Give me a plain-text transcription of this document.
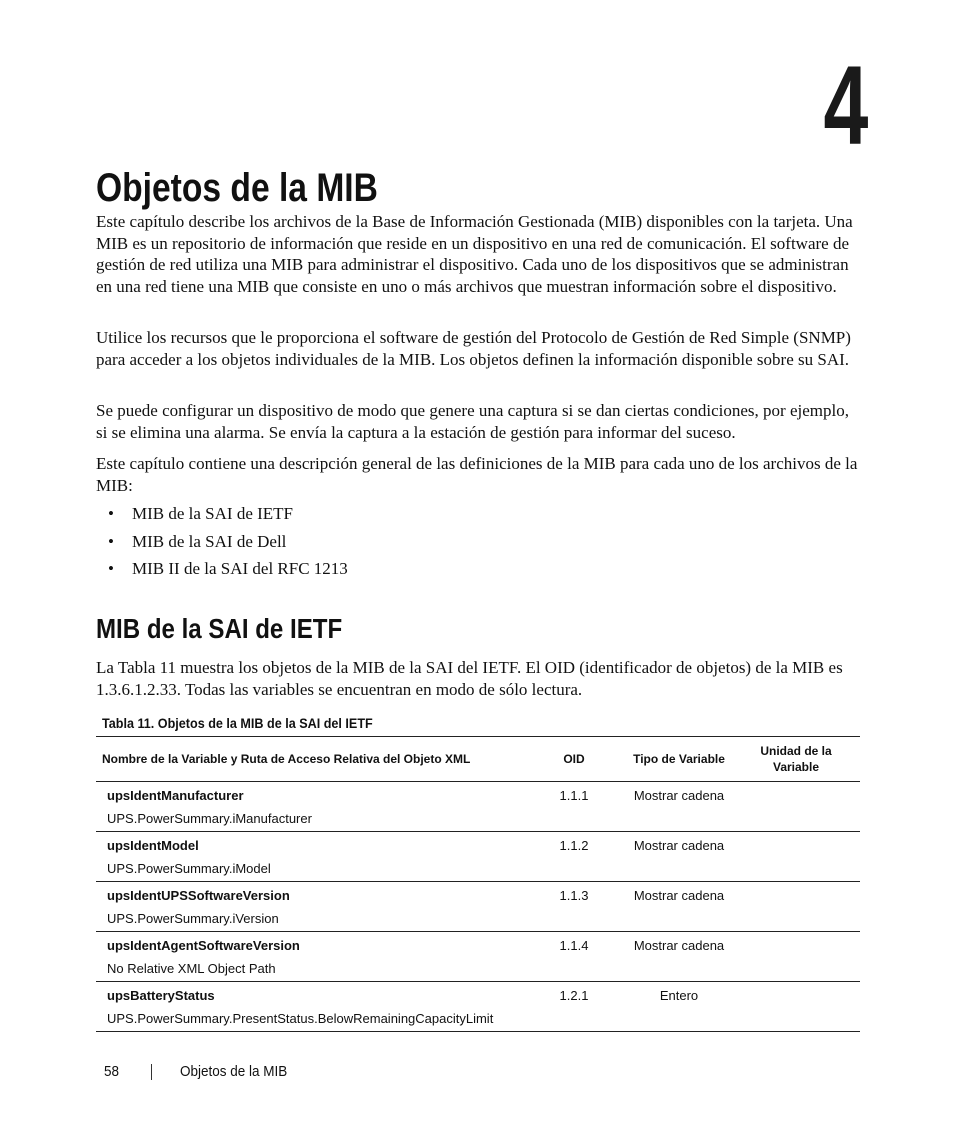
4
Objetos de la MIB

Este capítulo describe los archivos de la Base de Información Gestionada (MIB) disponibles con la tarjeta. Una MIB es un repositorio de información que reside en un dispositivo en una red de comunicación. El software de gestión de red utiliza una MIB para administrar el dispositivo. Cada uno de los dispositivos que se administran en una red tiene una MIB que consiste en uno o más archivos que muestran información sobre el dispositivo.

Utilice los recursos que le proporciona el software de gestión del Protocolo de Gestión de Red Simple (SNMP) para acceder a los objetos individuales de la MIB. Los objetos definen la información disponible sobre su SAI.

Se puede configurar un dispositivo de modo que genere una captura si se dan ciertas condiciones, por ejemplo, si se elimina una alarma. Se envía la captura a la estación de gestión para informar del suceso.

Este capítulo contiene una descripción general de las definiciones de la MIB para cada uno de los archivos de la MIB:

• MIB de la SAI de IETF
• MIB de la SAI de Dell
• MIB II de la SAI del RFC 1213
MIB de la SAI de IETF

La Tabla 11 muestra los objetos de la MIB de la SAI del IETF. El OID (identificador de objetos) de la MIB es 1.3.6.1.2.33. Todas las variables se encuentran en modo de sólo lectura.

Tabla 11. Objetos de la MIB de la SAI del IETF
Nombre de la Variable y Ruta de Acceso Relativa del Objeto XML	OID	Tipo de Variable	Unidad de la Variable

upsIdentManufacturer
UPS.PowerSummary.iManufacturer	1.1.1	Mostrar cadena	

upsIdentModel
UPS.PowerSummary.iModel	1.1.2	Mostrar cadena	

upsIdentUPSSoftwareVersion
UPS.PowerSummary.iVersion	1.1.3	Mostrar cadena	

upsIdentAgentSoftwareVersion
No Relative XML Object Path	1.1.4	Mostrar cadena	

upsBatteryStatus
UPS.PowerSummary.PresentStatus.BelowRemainingCapacityLimit	1.2.1	Entero	
58	Objetos de la MIB
